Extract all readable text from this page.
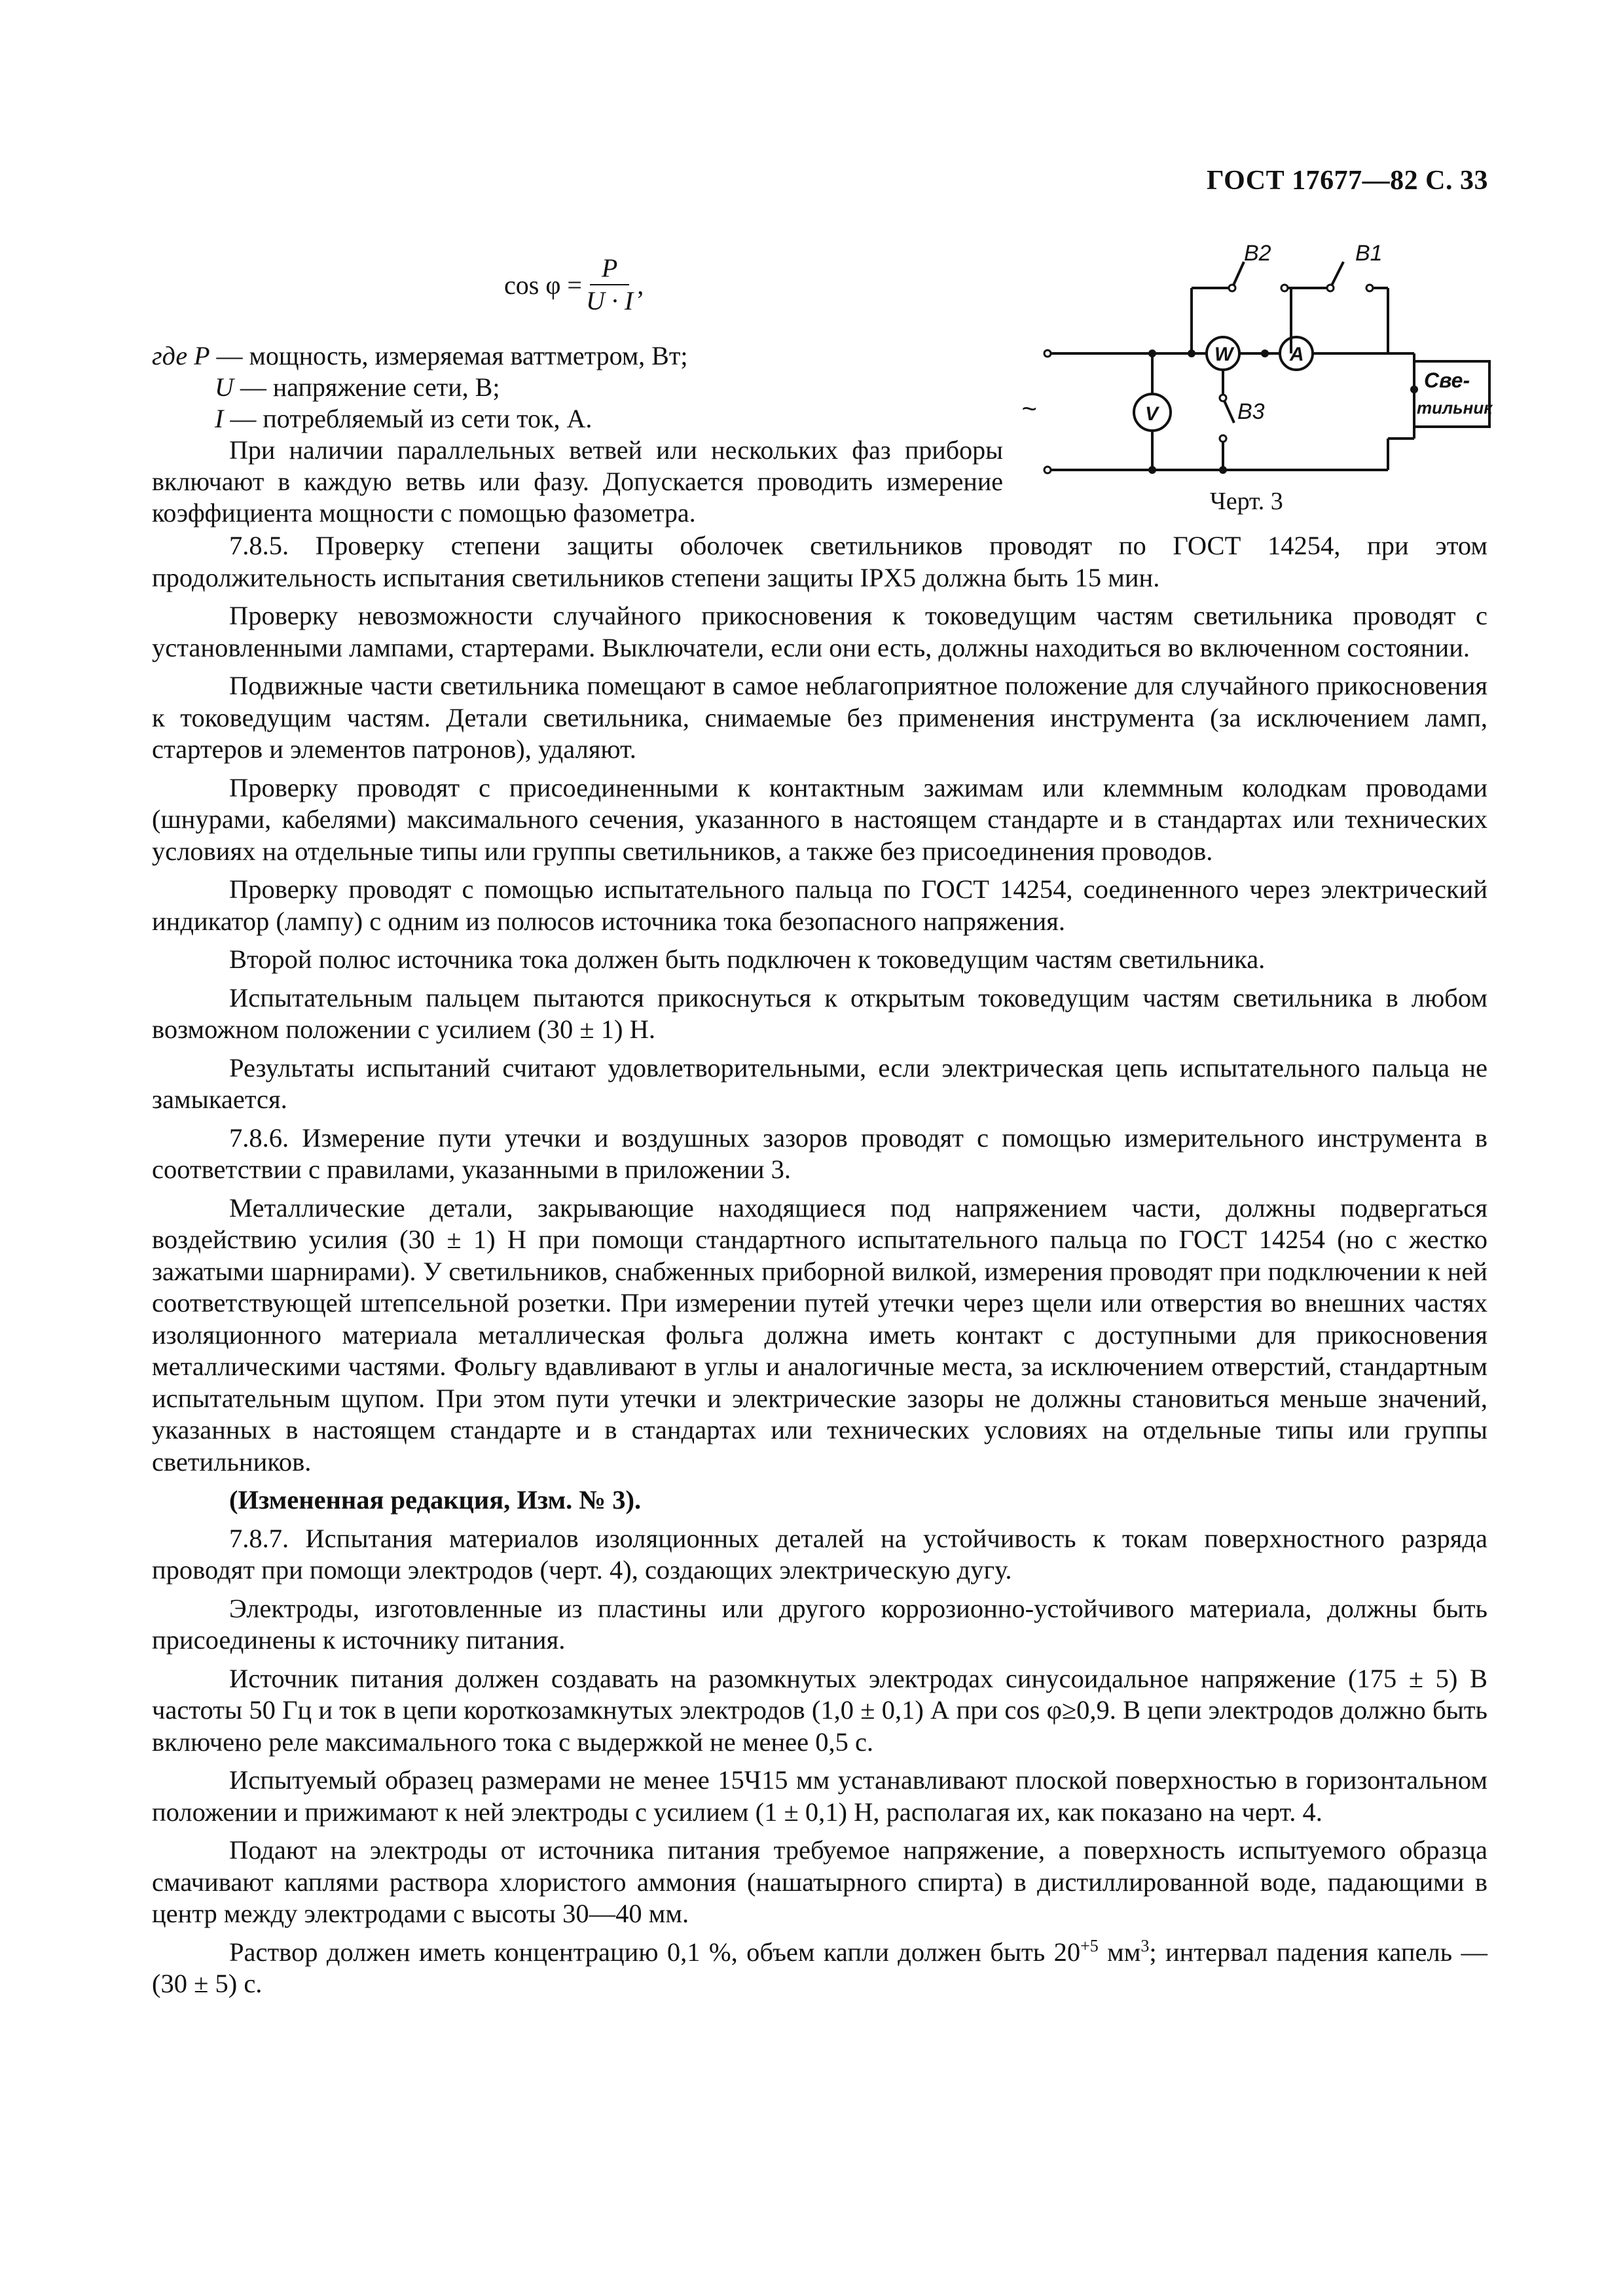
ГОСТ 17677—82 С. 33
$\cos \varphi = \frac{P}{U \cdot I}$ ,
где P — мощность, измеряемая ваттметром, Вт;
U — напряжение сети, В;
I — потребляемый из сети ток, А.

При наличии параллельных ветвей или нескольких фаз приборы включают в каждую ветвь или фазу. Допускается проводить измерение коэффициента мощности с помощью фазометра.

B2	B1
B3
W	A
V
~
Све-
тильник
Черт. 3

7.8.5. Проверку степени защиты оболочек светильников проводят по ГОСТ 14254, при этом продолжительность испытания светильников степени защиты IPX5 должна быть 15 мин.

Проверку невозможности случайного прикосновения к токоведущим частям светильника проводят с установленными лампами, стартерами. Выключатели, если они есть, должны находиться во включенном состоянии.

Подвижные части светильника помещают в самое неблагоприятное положение для случайного прикосновения к токоведущим частям. Детали светильника, снимаемые без применения инструмента (за исключением ламп, стартеров и элементов патронов), удаляют.

Проверку проводят с присоединенными к контактным зажимам или клеммным колодкам проводами (шнурами, кабелями) максимального сечения, указанного в настоящем стандарте и в стандартах или технических условиях на отдельные типы или группы светильников, а также без присоединения проводов.

Проверку проводят с помощью испытательного пальца по ГОСТ 14254, соединенного через электрический индикатор (лампу) с одним из полюсов источника тока безопасного напряжения.

Второй полюс источника тока должен быть подключен к токоведущим частям светильника.

Испытательным пальцем пытаются прикоснуться к открытым токоведущим частям светильника в любом возможном положении с усилием (30 ± 1) Н.

Результаты испытаний считают удовлетворительными, если электрическая цепь испытательного пальца не замыкается.

7.8.6. Измерение пути утечки и воздушных зазоров проводят с помощью измерительного инструмента в соответствии с правилами, указанными в приложении 3.

Металлические детали, закрывающие находящиеся под напряжением части, должны подвергаться воздействию усилия (30 ± 1) Н при помощи стандартного испытательного пальца по ГОСТ 14254 (но с жестко зажатыми шарнирами). У светильников, снабженных приборной вилкой, измерения проводят при подключении к ней соответствующей штепсельной розетки. При измерении путей утечки через щели или отверстия во внешних частях изоляционного материала металлическая фольга должна иметь контакт с доступными для прикосновения металлическими частями. Фольгу вдавливают в углы и аналогичные места, за исключением отверстий, стандартным испытательным щупом. При этом пути утечки и электрические зазоры не должны становиться меньше значений, указанных в настоящем стандарте и в стандартах или технических условиях на отдельные типы или группы светильников.

(Измененная редакция, Изм. № 3).

7.8.7. Испытания материалов изоляционных деталей на устойчивость к токам поверхностного разряда проводят при помощи электродов (черт. 4), создающих электрическую дугу.

Электроды, изготовленные из пластины или другого коррозионно-устойчивого материала, должны быть присоединены к источнику питания.

Источник питания должен создавать на разомкнутых электродах синусоидальное напряжение (175 ± 5) В частоты 50 Гц и ток в цепи короткозамкнутых электродов (1,0 ± 0,1) А при cos φ≥0,9. В цепи электродов должно быть включено реле максимального тока с выдержкой не менее 0,5 с.

Испытуемый образец размерами не менее 15Ч15 мм устанавливают плоской поверхностью в горизонтальном положении и прижимают к ней электроды с усилием (1 ± 0,1) Н, располагая их, как показано на черт. 4.

Подают на электроды от источника питания требуемое напряжение, а поверхность испытуемого образца смачивают каплями раствора хлористого аммония (нашатырного спирта) в дистиллированной воде, падающими в центр между электродами с высоты 30—40 мм.

Раствор должен иметь концентрацию 0,1 %, объем капли должен быть $20^{+5}$ $мм^3$; интервал падения капель — (30 ± 5) с.
